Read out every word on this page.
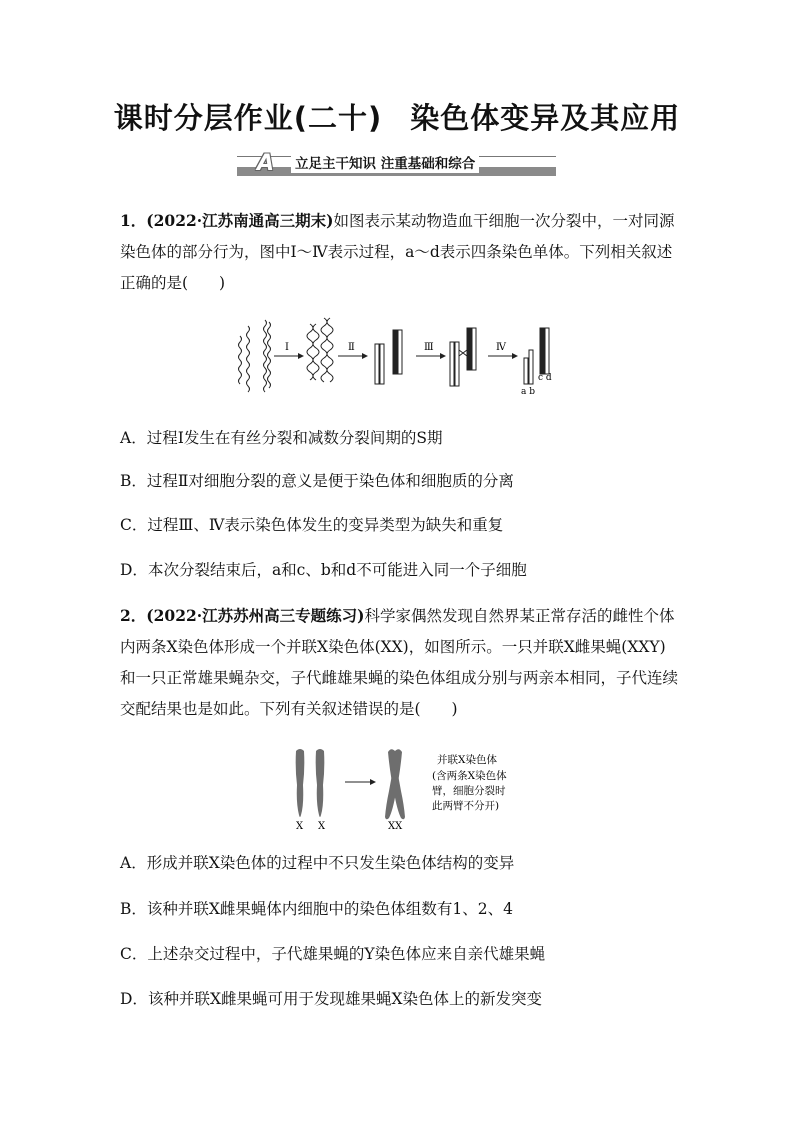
课时分层作业(二十) 染色体变异及其应用
A	立足主干知识 注重基础和综合
1．(2022·江苏南通高三期末)如图表示某动物造血干细胞一次分裂中，一对同源染色体的部分行为，图中Ⅰ～Ⅳ表示过程，a～d表示四条染色单体。下列相关叙述正确的是(　　)
Ⅰ	Ⅱ	Ⅲ	Ⅳ
a b
c d
A．过程Ⅰ发生在有丝分裂和减数分裂间期的S期
B．过程Ⅱ对细胞分裂的意义是便于染色体和细胞质的分离
C．过程Ⅲ、Ⅳ表示染色体发生的变异类型为缺失和重复
D．本次分裂结束后，a和c、b和d不可能进入同一个子细胞
2．(2022·江苏苏州高三专题练习)科学家偶然发现自然界某正常存活的雌性个体内两条X染色体形成一个并联X染色体(XX)，如图所示。一只并联X雌果蝇(XXY)和一只正常雄果蝇杂交，子代雌雄果蝇的染色体组成分别与两亲本相同，子代连续交配结果也是如此。下列有关叙述错误的是(　　)
X X	XX
并联X染色体
(含两条X染色体
臂，细胞分裂时
此两臂不分开)
A．形成并联X染色体的过程中不只发生染色体结构的变异
B．该种并联X雌果蝇体内细胞中的染色体组数有1、2、4
C．上述杂交过程中，子代雄果蝇的Y染色体应来自亲代雄果蝇
D．该种并联X雌果蝇可用于发现雄果蝇X染色体上的新发突变
